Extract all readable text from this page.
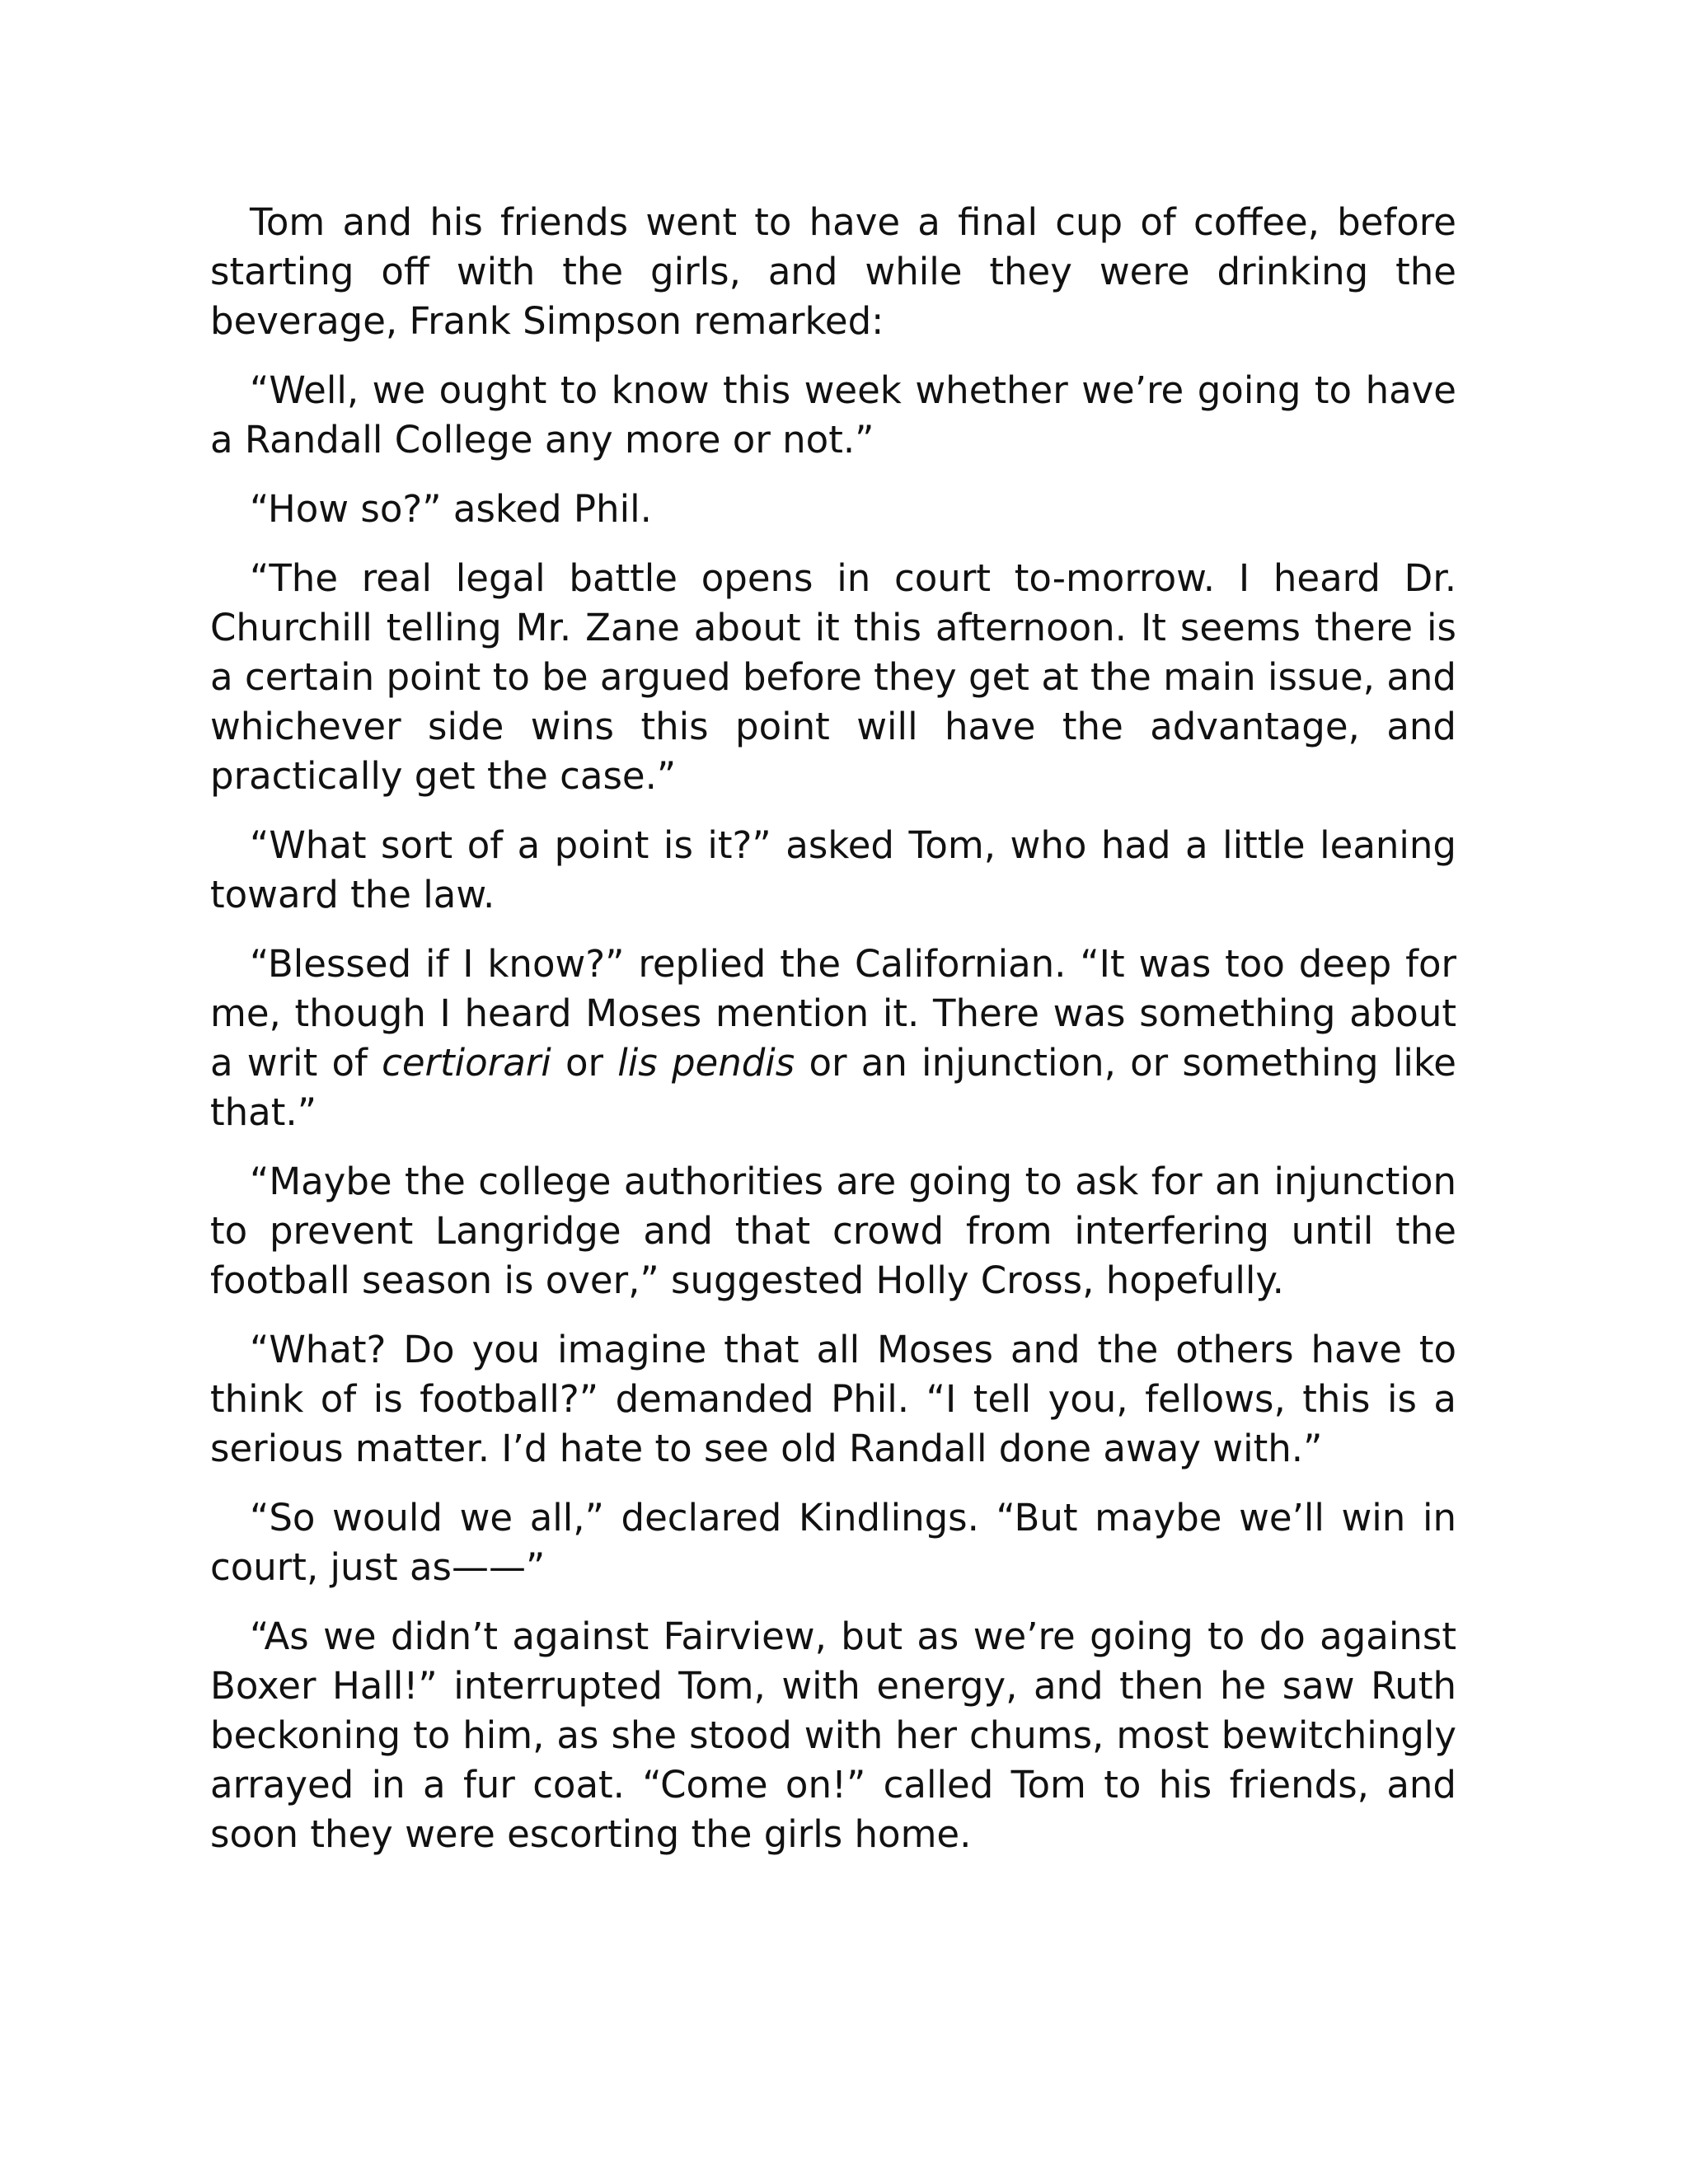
Tom and his friends went to have a final cup of coffee, before starting off with the girls, and while they were drinking the beverage, Frank Simpson remarked:

“Well, we ought to know this week whether we’re going to have a Randall College any more or not.”

“How so?” asked Phil.

“The real legal battle opens in court to-morrow. I heard Dr. Churchill telling Mr. Zane about it this afternoon. It seems there is a certain point to be argued before they get at the main issue, and whichever side wins this point will have the advantage, and practically get the case.”

“What sort of a point is it?” asked Tom, who had a little leaning toward the law.

“Blessed if I know?” replied the Californian. “It was too deep for me, though I heard Moses mention it. There was something about a writ of certiorari or lis pendis or an injunction, or something like that.”

“Maybe the college authorities are going to ask for an injunction to prevent Langridge and that crowd from interfering until the football season is over,” suggested Holly Cross, hopefully.

“What? Do you imagine that all Moses and the others have to think of is football?” demanded Phil. “I tell you, fellows, this is a serious matter. I’d hate to see old Randall done away with.”

“So would we all,” declared Kindlings. “But maybe we’ll win in court, just as——”

“As we didn’t against Fairview, but as we’re going to do against Boxer Hall!” interrupted Tom, with energy, and then he saw Ruth beckoning to him, as she stood with her chums, most bewitchingly arrayed in a fur coat. “Come on!” called Tom to his friends, and soon they were escorting the girls home.
